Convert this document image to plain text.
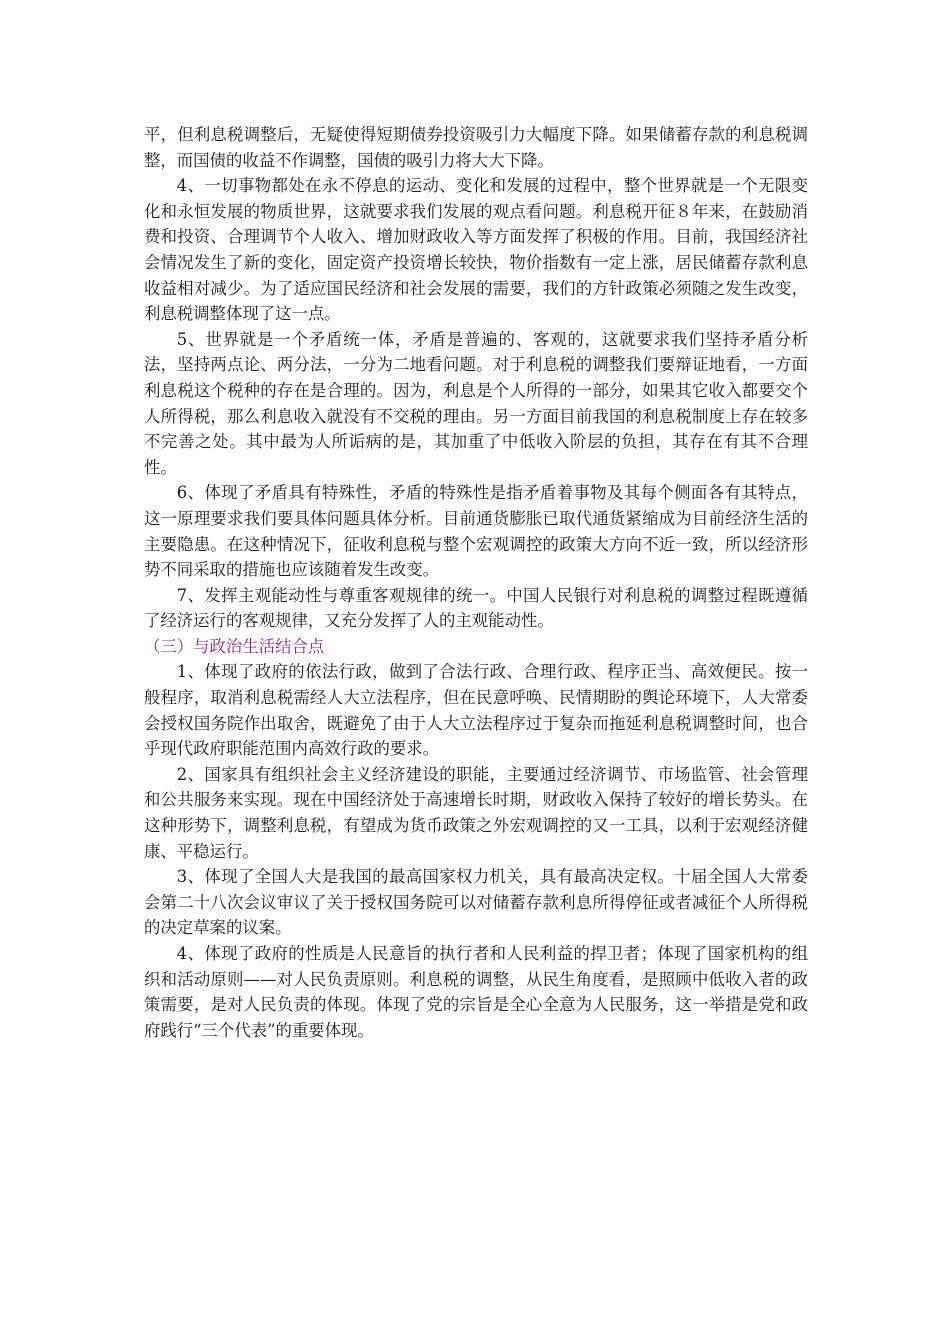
平，但利息税调整后，无疑使得短期债券投资吸引力大幅度下降。如果储蓄存款的利息税调整，而国债的收益不作调整，国债的吸引力将大大下降。

4、一切事物都处在永不停息的运动、变化和发展的过程中，整个世界就是一个无限变化和永恒发展的物质世界，这就要求我们发展的观点看问题。利息税开征８年来，在鼓励消费和投资、合理调节个人收入、增加财政收入等方面发挥了积极的作用。目前，我国经济社会情况发生了新的变化，固定资产投资增长较快，物价指数有一定上涨，居民储蓄存款利息收益相对减少。为了适应国民经济和社会发展的需要，我们的方针政策必须随之发生改变，利息税调整体现了这一点。

5、世界就是一个矛盾统一体，矛盾是普遍的、客观的，这就要求我们坚持矛盾分析法，坚持两点论、两分法，一分为二地看问题。对于利息税的调整我们要辩证地看，一方面利息税这个税种的存在是合理的。因为，利息是个人所得的一部分，如果其它收入都要交个人所得税，那么利息收入就没有不交税的理由。另一方面目前我国的利息税制度上存在较多不完善之处。其中最为人所诟病的是，其加重了中低收入阶层的负担，其存在有其不合理性。

6、体现了矛盾具有特殊性，矛盾的特殊性是指矛盾着事物及其每个侧面各有其特点，这一原理要求我们要具体问题具体分析。目前通货膨胀已取代通货紧缩成为目前经济生活的主要隐患。在这种情况下，征收利息税与整个宏观调控的政策大方向不近一致，所以经济形势不同采取的措施也应该随着发生改变。

7、发挥主观能动性与尊重客观规律的统一。中国人民银行对利息税的调整过程既遵循了经济运行的客观规律，又充分发挥了人的主观能动性。

（三）与政治生活结合点

1、体现了政府的依法行政，做到了合法行政、合理行政、程序正当、高效便民。按一般程序，取消利息税需经人大立法程序，但在民意呼唤、民情期盼的舆论环境下，人大常委会授权国务院作出取舍，既避免了由于人大立法程序过于复杂而拖延利息税调整时间，也合乎现代政府职能范围内高效行政的要求。

2、国家具有组织社会主义经济建设的职能，主要通过经济调节、市场监管、社会管理和公共服务来实现。现在中国经济处于高速增长时期，财政收入保持了较好的增长势头。在这种形势下，调整利息税，有望成为货币政策之外宏观调控的又一工具，以利于宏观经济健康、平稳运行。

3、体现了全国人大是我国的最高国家权力机关，具有最高决定权。十届全国人大常委会第二十八次会议审议了关于授权国务院可以对储蓄存款利息所得停征或者减征个人所得税的决定草案的议案。

4、体现了政府的性质是人民意旨的执行者和人民利益的捍卫者；体现了国家机构的组织和活动原则——对人民负责原则。利息税的调整，从民生角度看，是照顾中低收入者的政策需要，是对人民负责的体现。体现了党的宗旨是全心全意为人民服务，这一举措是党和政府践行“三个代表”的重要体现。
